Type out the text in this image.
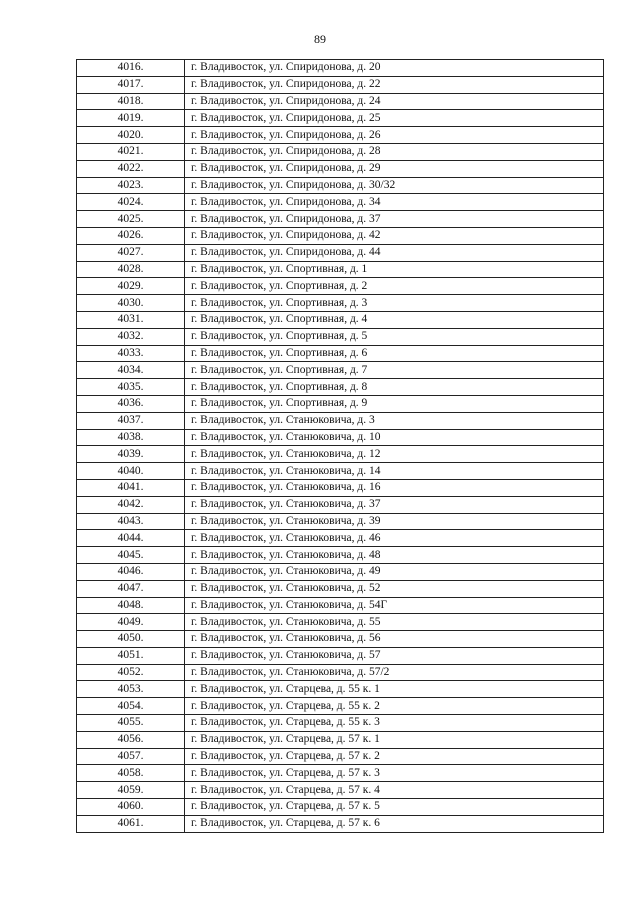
89
4016.	г. Владивосток, ул. Спиридонова, д. 20
4017.	г. Владивосток, ул. Спиридонова, д. 22
4018.	г. Владивосток, ул. Спиридонова, д. 24
4019.	г. Владивосток, ул. Спиридонова, д. 25
4020.	г. Владивосток, ул. Спиридонова, д. 26
4021.	г. Владивосток, ул. Спиридонова, д. 28
4022.	г. Владивосток, ул. Спиридонова, д. 29
4023.	г. Владивосток, ул. Спиридонова, д. 30/32
4024.	г. Владивосток, ул. Спиридонова, д. 34
4025.	г. Владивосток, ул. Спиридонова, д. 37
4026.	г. Владивосток, ул. Спиридонова, д. 42
4027.	г. Владивосток, ул. Спиридонова, д. 44
4028.	г. Владивосток, ул. Спортивная, д. 1
4029.	г. Владивосток, ул. Спортивная, д. 2
4030.	г. Владивосток, ул. Спортивная, д. 3
4031.	г. Владивосток, ул. Спортивная, д. 4
4032.	г. Владивосток, ул. Спортивная, д. 5
4033.	г. Владивосток, ул. Спортивная, д. 6
4034.	г. Владивосток, ул. Спортивная, д. 7
4035.	г. Владивосток, ул. Спортивная, д. 8
4036.	г. Владивосток, ул. Спортивная, д. 9
4037.	г. Владивосток, ул. Станюковича, д. 3
4038.	г. Владивосток, ул. Станюковича, д. 10
4039.	г. Владивосток, ул. Станюковича, д. 12
4040.	г. Владивосток, ул. Станюковича, д. 14
4041.	г. Владивосток, ул. Станюковича, д. 16
4042.	г. Владивосток, ул. Станюковича, д. 37
4043.	г. Владивосток, ул. Станюковича, д. 39
4044.	г. Владивосток, ул. Станюковича, д. 46
4045.	г. Владивосток, ул. Станюковича, д. 48
4046.	г. Владивосток, ул. Станюковича, д. 49
4047.	г. Владивосток, ул. Станюковича, д. 52
4048.	г. Владивосток, ул. Станюковича, д. 54Г
4049.	г. Владивосток, ул. Станюковича, д. 55
4050.	г. Владивосток, ул. Станюковича, д. 56
4051.	г. Владивосток, ул. Станюковича, д. 57
4052.	г. Владивосток, ул. Станюковича, д. 57/2
4053.	г. Владивосток, ул. Старцева, д. 55 к. 1
4054.	г. Владивосток, ул. Старцева, д. 55 к. 2
4055.	г. Владивосток, ул. Старцева, д. 55 к. 3
4056.	г. Владивосток, ул. Старцева, д. 57 к. 1
4057.	г. Владивосток, ул. Старцева, д. 57 к. 2
4058.	г. Владивосток, ул. Старцева, д. 57 к. 3
4059.	г. Владивосток, ул. Старцева, д. 57 к. 4
4060.	г. Владивосток, ул. Старцева, д. 57 к. 5
4061.	г. Владивосток, ул. Старцева, д. 57 к. 6
